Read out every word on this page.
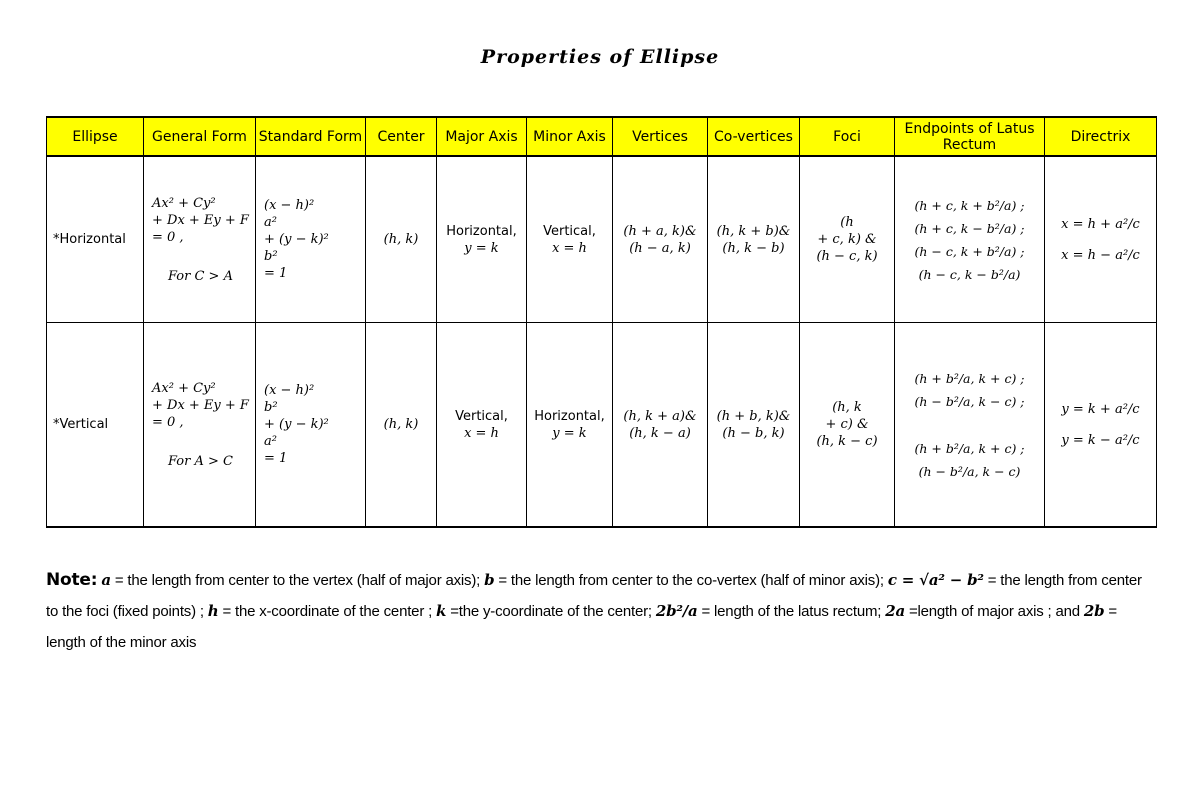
Properties of Ellipse
Ellipse	General Form	Standard Form	Center	Major Axis	Minor Axis	Vertices	Co-vertices	Foci	Endpoints of Latus Rectum	Directrix
*Horizontal	Ax² + Cy²
+ Dx + Ey + F
= 0 ,
For C > A	(x − h)²
a²
+ (y − k)²
b²
= 1	(h, k)	Horizontal,
y = k	Vertical,
x = h	(h + a, k)&
(h − a, k)	(h, k + b)&
(h, k − b)	(h
+ c, k) &
(h − c, k)	(h + c, k + b²/a) ;
(h + c, k − b²/a) ;
(h − c, k + b²/a) ;
(h − c, k − b²/a)	x = h + a²/c
x = h − a²/c

*Vertical	Ax² + Cy²
+ Dx + Ey + F
= 0 ,
For A > C	(x − h)²
b²
+ (y − k)²
a²
= 1	(h, k)	Vertical,
x = h	Horizontal,
y = k	(h, k + a)&
(h, k − a)	(h + b, k)&
(h − b, k)	(h, k
+ c) &
(h, k − c)	(h + b²/a, k + c) ;
(h − b²/a, k − c) ;
(h + b²/a, k + c) ;
(h − b²/a, k − c)	y = k + a²/c
y = k − a²/c
Note: a = the length from center to the vertex (half of major axis); b = the length from center to the co-vertex (half of minor axis); c = √a² − b² = the length from center to the foci (fixed points) ; h = the x-coordinate of the center ; k =the y-coordinate of the center; 2b²/a = length of the latus rectum; 2a =length of major axis ; and 2b = length of the minor axis
